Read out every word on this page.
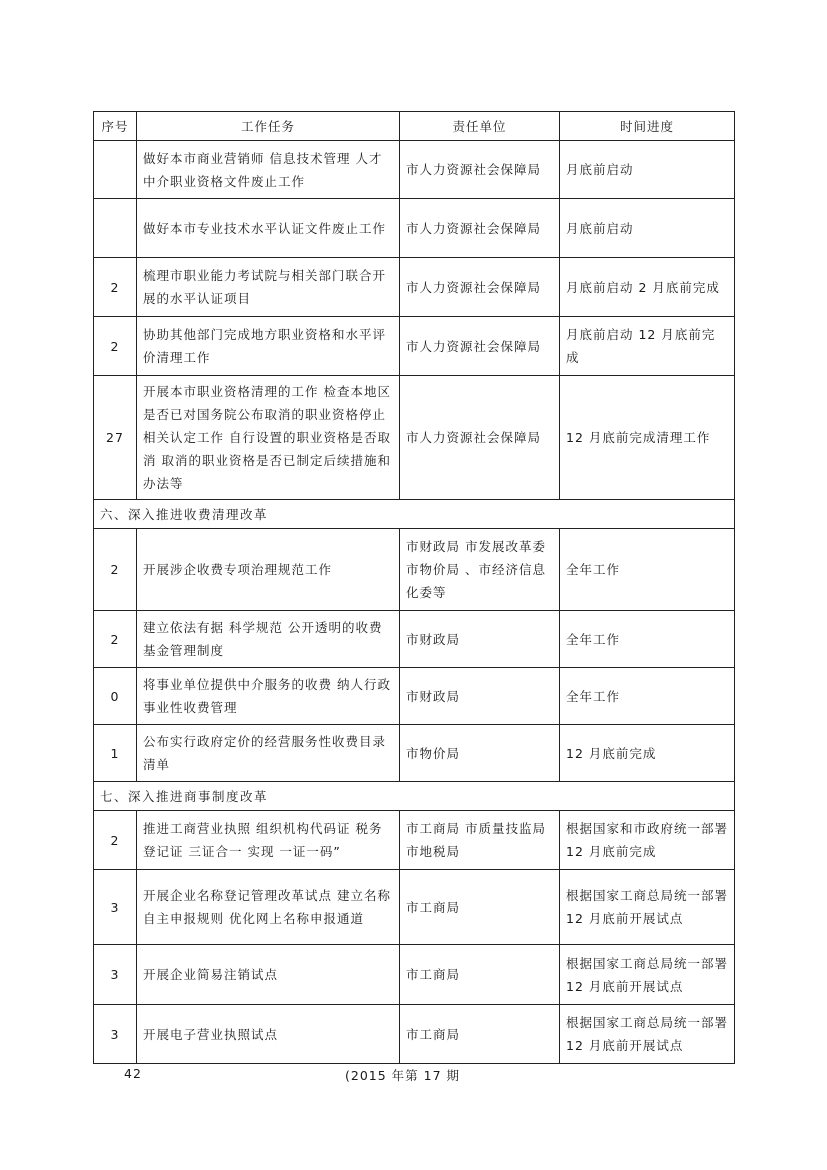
序号	工作任务	责任单位	时间进度
	做好本市商业营销师 信息技术管理 人才中介职业资格文件废止工作	市人力资源社会保障局	月底前启动
	做好本市专业技术水平认证文件废止工作	市人力资源社会保障局	月底前启动
2	梳理市职业能力考试院与相关部门联合开展的水平认证项目	市人力资源社会保障局	月底前启动 2 月底前完成
2	协助其他部门完成地方职业资格和水平评价清理工作	市人力资源社会保障局	月底前启动 12 月底前完成
27	开展本市职业资格清理的工作 检查本地区是否已对国务院公布取消的职业资格停止相关认定工作 自行设置的职业资格是否取消 取消的职业资格是否已制定后续措施和办法等	市人力资源社会保障局	12 月底前完成清理工作
六、深入推进收费清理改革			
2	开展涉企收费专项治理规范工作	市财政局 市发展改革委 市物价局 、市经济信息化委等	全年工作
2	建立依法有据 科学规范 公开透明的收费基金管理制度	市财政局	全年工作
0	将事业单位提供中介服务的收费 纳人行政事业性收费管理	市财政局	全年工作
1	公布实行政府定价的经营服务性收费目录清单	市物价局	12 月底前完成
七、深入推进商事制度改革			
2	推进工商营业执照 组织机构代码证 税务登记证 三证合一 实现 一证一码”	市工商局 市质量技监局 市地税局	根据国家和市政府统一部署 12 月底前完成
3	开展企业名称登记管理改革试点 建立名称自主申报规则 优化网上名称申报通道	市工商局	根据国家工商总局统一部署 12 月底前开展试点
3	开展企业简易注销试点	市工商局	根据国家工商总局统一部署 12 月底前开展试点
3	开展电子营业执照试点	市工商局	根据国家工商总局统一部署 12 月底前开展试点
42	(2015 年第 17 期
